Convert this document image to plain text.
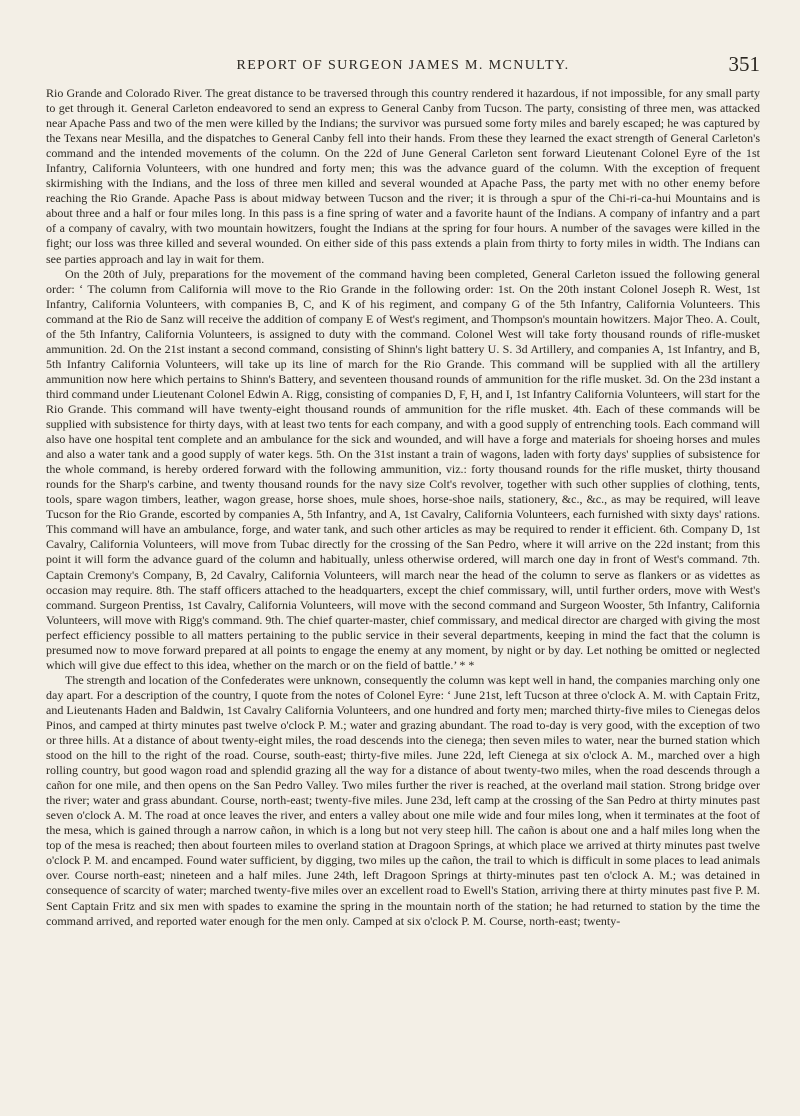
REPORT OF SURGEON JAMES M. MCNULTY.	351

Rio Grande and Colorado River. The great distance to be traversed through this country rendered it hazardous, if not impossible, for any small party to get through it. General Carleton endeavored to send an express to General Canby from Tucson. The party, consisting of three men, was attacked near Apache Pass and two of the men were killed by the Indians; the survivor was pursued some forty miles and barely escaped; he was captured by the Texans near Mesilla, and the dispatches to General Canby fell into their hands. From these they learned the exact strength of General Carleton's command and the intended movements of the column. On the 22d of June General Carleton sent forward Lieutenant Colonel Eyre of the 1st Infantry, California Volunteers, with one hundred and forty men; this was the advance guard of the column. With the exception of frequent skirmishing with the Indians, and the loss of three men killed and several wounded at Apache Pass, the party met with no other enemy before reaching the Rio Grande. Apache Pass is about midway between Tucson and the river; it is through a spur of the Chi-ri-ca-hui Mountains and is about three and a half or four miles long. In this pass is a fine spring of water and a favorite haunt of the Indians. A company of infantry and a part of a company of cavalry, with two mountain howitzers, fought the Indians at the spring for four hours. A number of the savages were killed in the fight; our loss was three killed and several wounded. On either side of this pass extends a plain from thirty to forty miles in width. The Indians can see parties approach and lay in wait for them.

On the 20th of July, preparations for the movement of the command having been completed, General Carleton issued the following general order: ‘ The column from California will move to the Rio Grande in the following order: 1st. On the 20th instant Colonel Joseph R. West, 1st Infantry, California Volunteers, with companies B, C, and K of his regiment, and company G of the 5th Infantry, California Volunteers. This command at the Rio de Sanz will receive the addition of company E of West's regiment, and Thompson's mountain howitzers. Major Theo. A. Coult, of the 5th Infantry, California Volunteers, is assigned to duty with the command. Colonel West will take forty thousand rounds of rifle-musket ammunition. 2d. On the 21st instant a second command, consisting of Shinn's light battery U. S. 3d Artillery, and companies A, 1st Infantry, and B, 5th Infantry California Volunteers, will take up its line of march for the Rio Grande. This command will be supplied with all the artillery ammunition now here which pertains to Shinn's Battery, and seventeen thousand rounds of ammunition for the rifle musket. 3d. On the 23d instant a third command under Lieutenant Colonel Edwin A. Rigg, consisting of companies D, F, H, and I, 1st Infantry California Volunteers, will start for the Rio Grande. This command will have twenty-eight thousand rounds of ammunition for the rifle musket. 4th. Each of these commands will be supplied with subsistence for thirty days, with at least two tents for each company, and with a good supply of entrenching tools. Each command will also have one hospital tent complete and an ambulance for the sick and wounded, and will have a forge and materials for shoeing horses and mules and also a water tank and a good supply of water kegs. 5th. On the 31st instant a train of wagons, laden with forty days' supplies of subsistence for the whole command, is hereby ordered forward with the following ammunition, viz.: forty thousand rounds for the rifle musket, thirty thousand rounds for the Sharp's carbine, and twenty thousand rounds for the navy size Colt's revolver, together with such other supplies of clothing, tents, tools, spare wagon timbers, leather, wagon grease, horse shoes, mule shoes, horse-shoe nails, stationery, &c., &c., as may be required, will leave Tucson for the Rio Grande, escorted by companies A, 5th Infantry, and A, 1st Cavalry, California Volunteers, each furnished with sixty days' rations. This command will have an ambulance, forge, and water tank, and such other articles as may be required to render it efficient. 6th. Company D, 1st Cavalry, California Volunteers, will move from Tubac directly for the crossing of the San Pedro, where it will arrive on the 22d instant; from this point it will form the advance guard of the column and habitually, unless otherwise ordered, will march one day in front of West's command. 7th. Captain Cremony's Company, B, 2d Cavalry, California Volunteers, will march near the head of the column to serve as flankers or as videttes as occasion may require. 8th. The staff officers attached to the headquarters, except the chief commissary, will, until further orders, move with West's command. Surgeon Prentiss, 1st Cavalry, California Volunteers, will move with the second command and Surgeon Wooster, 5th Infantry, California Volunteers, will move with Rigg's command. 9th. The chief quarter-master, chief commissary, and medical director are charged with giving the most perfect efficiency possible to all matters pertaining to the public service in their several departments, keeping in mind the fact that the column is presumed now to move forward prepared at all points to engage the enemy at any moment, by night or by day. Let nothing be omitted or neglected which will give due effect to this idea, whether on the march or on the field of battle.’ * *

The strength and location of the Confederates were unknown, consequently the column was kept well in hand, the companies marching only one day apart. For a description of the country, I quote from the notes of Colonel Eyre: ‘ June 21st, left Tucson at three o'clock A. M. with Captain Fritz, and Lieutenants Haden and Baldwin, 1st Cavalry California Volunteers, and one hundred and forty men; marched thirty-five miles to Cienegas delos Pinos, and camped at thirty minutes past twelve o'clock P. M.; water and grazing abundant. The road to-day is very good, with the exception of two or three hills. At a distance of about twenty-eight miles, the road descends into the cienega; then seven miles to water, near the burned station which stood on the hill to the right of the road. Course, south-east; thirty-five miles. June 22d, left Cienega at six o'clock A. M., marched over a high rolling country, but good wagon road and splendid grazing all the way for a distance of about twenty-two miles, when the road descends through a cañon for one mile, and then opens on the San Pedro Valley. Two miles further the river is reached, at the overland mail station. Strong bridge over the river; water and grass abundant. Course, north-east; twenty-five miles. June 23d, left camp at the crossing of the San Pedro at thirty minutes past seven o'clock A. M. The road at once leaves the river, and enters a valley about one mile wide and four miles long, when it terminates at the foot of the mesa, which is gained through a narrow cañon, in which is a long but not very steep hill. The cañon is about one and a half miles long when the top of the mesa is reached; then about fourteen miles to overland station at Dragoon Springs, at which place we arrived at thirty minutes past twelve o'clock P. M. and encamped. Found water sufficient, by digging, two miles up the cañon, the trail to which is difficult in some places to lead animals over. Course north-east; nineteen and a half miles. June 24th, left Dragoon Springs at thirty-minutes past ten o'clock A. M.; was detained in consequence of scarcity of water; marched twenty-five miles over an excellent road to Ewell's Station, arriving there at thirty minutes past five P. M. Sent Captain Fritz and six men with spades to examine the spring in the mountain north of the station; he had returned to station by the time the command arrived, and reported water enough for the men only. Camped at six o'clock P. M. Course, north-east; twenty-
